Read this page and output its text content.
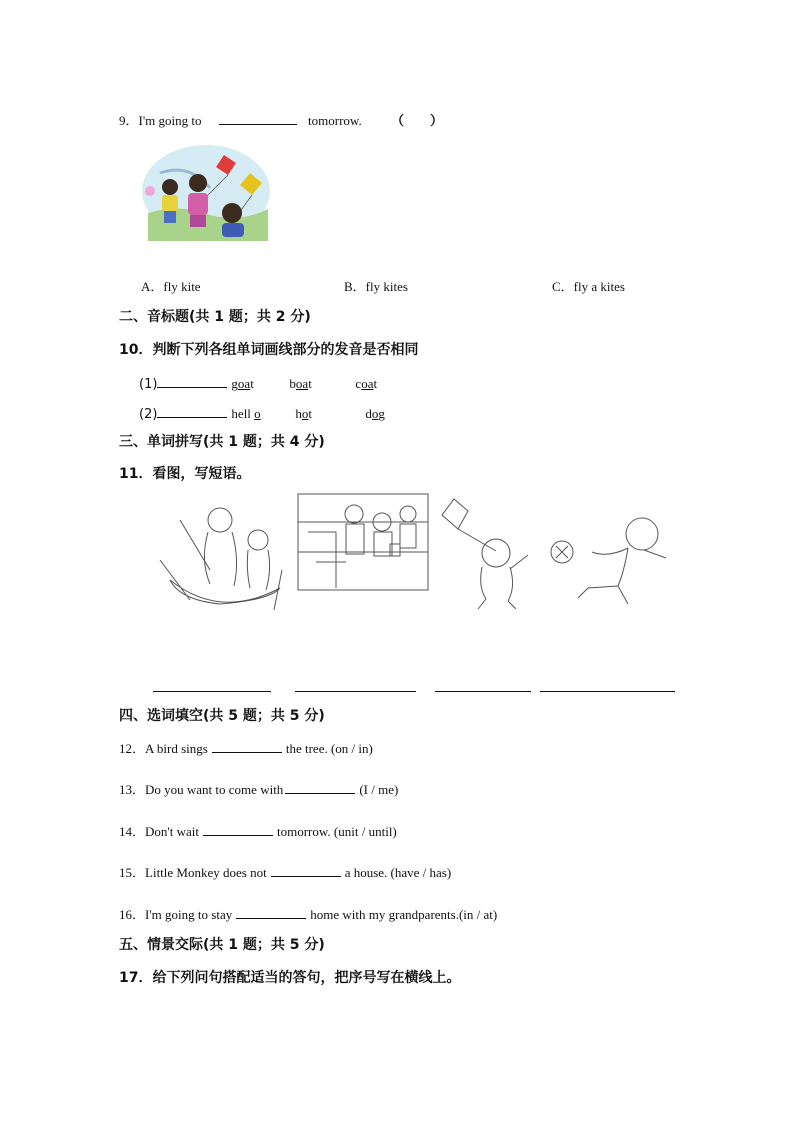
9．I'm going to	tomorrow. （　　）
A．fly kite	B．fly kites	C．fly a kites
二、音标题(共 1 题；共 2 分)
10．判断下列各组单词画线部分的发音是否相同
(1)	goat	boat	coat
(2)	hell o	hot	dog
三、单词拼写(共 1 题；共 4 分)
11．看图，写短语。
四、选词填空(共 5 题；共 5 分)
12．A bird sings	the tree. (on / in)
13．Do you want to come with	(I / me)
14．Don't wait	tomorrow. (unit / until)
15．Little Monkey does not	a house. (have / has)
16．I'm going to stay	home with my grandparents.(in / at)
五、情景交际(共 1 题；共 5 分)
17．给下列问句搭配适当的答句，把序号写在横线上。
